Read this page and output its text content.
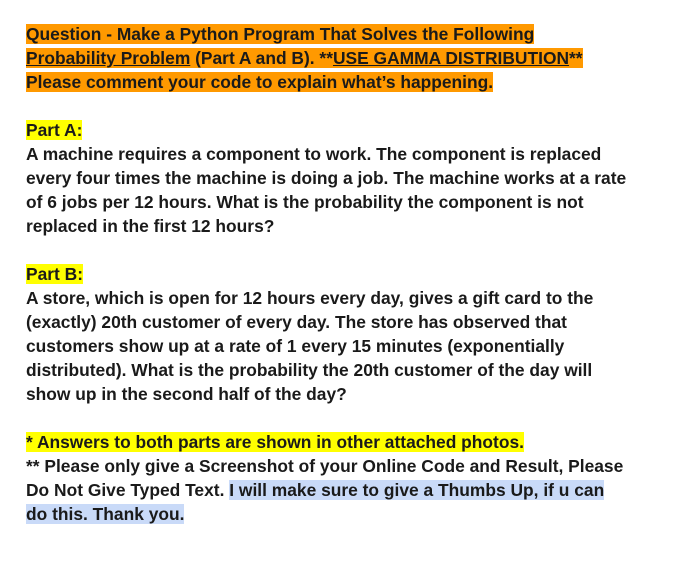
Question - Make a Python Program That Solves the Following
Probability Problem (Part A and B). **USE GAMMA DISTRIBUTION**
Please comment your code to explain what’s happening.
Part A:
A machine requires a component to work. The component is replaced
every four times the machine is doing a job. The machine works at a rate
of 6 jobs per 12 hours. What is the probability the component is not
replaced in the first 12 hours?
Part B:
A store, which is open for 12 hours every day, gives a gift card to the
(exactly) 20th customer of every day. The store has observed that
customers show up at a rate of 1 every 15 minutes (exponentially
distributed). What is the probability the 20th customer of the day will
show up in the second half of the day?
* Answers to both parts are shown in other attached photos.
** Please only give a Screenshot of your Online Code and Result, Please
Do Not Give Typed Text. I will make sure to give a Thumbs Up, if u can
do this. Thank you.
